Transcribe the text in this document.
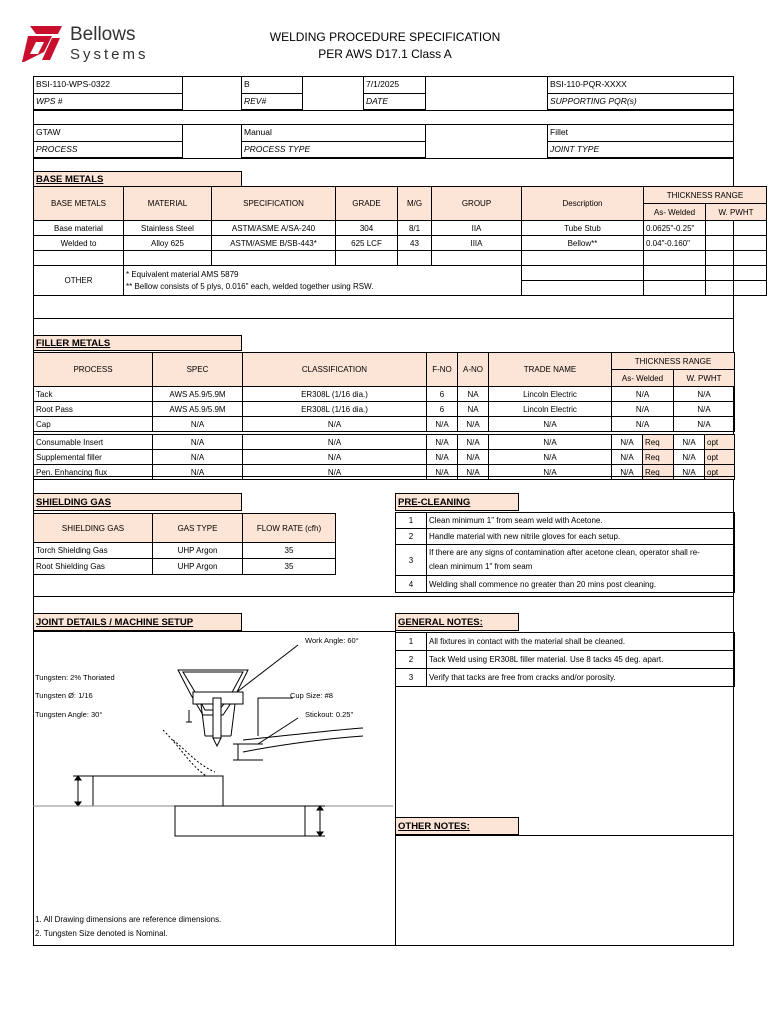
Bellows
Systems
WELDING PROCEDURE SPECIFICATION
PER AWS D17.1 Class A
BSI-110-WPS-0322
WPS #
B
REV#
7/1/2025
DATE
BSI-110-PQR-XXXX
SUPPORTING PQR(s)
GTAW
PROCESS
Manual
PROCESS TYPE
Fillet
JOINT TYPE
BASE METALS
BASE METALS	MATERIAL	SPECIFICATION	GRADE	M/G	GROUP	Description	THICKNESS RANGE	
							As- Welded	W. PWHT
Base material	Stainless Steel	ASTM/ASME A/SA-240	304	8/1	IIA	Tube Stub	0.0625"-0.25"	
Welded to	Alloy 625	ASTM/ASME B/SB-443*	625 LCF	43	IIIA	Bellow**	0.04"-0.160"	

OTHER	* Equivalent material AMS 5879
** Bellow consists of 5 plys, 0.016" each, welded together using RSW.							

FILLER METALS
PROCESS	SPEC	CLASSIFICATION	F-NO	A-NO	TRADE NAME	THICKNESS RANGE			
						As- Welded		W. PWHT	
Tack	AWS A5.9/5.9M	ER308L (1/16 dia.)	6	NA	Lincoln Electric	N/A		N/A	
Root Pass	AWS A5.9/5.9M	ER308L (1/16 dia.)	6	NA	Lincoln Electric	N/A		N/A	
Cap	N/A	N/A	N/A	N/A	N/A	N/A		N/A	

Consumable Insert	N/A	N/A	N/A	N/A	N/A	N/A	Req	N/A	opt
Supplemental filler	N/A	N/A	N/A	N/A	N/A	N/A	Req	N/A	opt
Pen. Enhancing flux	N/A	N/A	N/A	N/A	N/A	N/A	Req	N/A	opt
SHIELDING GAS
SHIELDING GAS	GAS TYPE	FLOW RATE (cfh)
Torch Shielding Gas	UHP Argon	35
Root Shielding Gas	UHP Argon	35
PRE-CLEANING
1	Clean minimum 1" from seam weld with Acetone.
2	Handle material with new nitrile gloves for each setup.
3	If there are any signs of contamination after acetone clean, operator shall re-
clean minimum 1" from seam

4	Welding shall commence no greater than 20 mins post cleaning.
JOINT DETAILS / MACHINE SETUP
Work Angle: 60°
Tungsten: 2% Thoriated
Tungsten Ø: 1/16
Tungsten Angle: 30°
Cup Size: #8
Stickout: 0.25"
1. All Drawing dimensions are reference dimensions.
2. Tungsten Size denoted is Nominal.
GENERAL NOTES:
1	All fixtures in contact with the material shall be cleaned.
2	Tack Weld using ER308L filler material. Use 8 tacks 45 deg. apart.
3	Verify that tacks are free from cracks and/or porosity.
OTHER NOTES:
